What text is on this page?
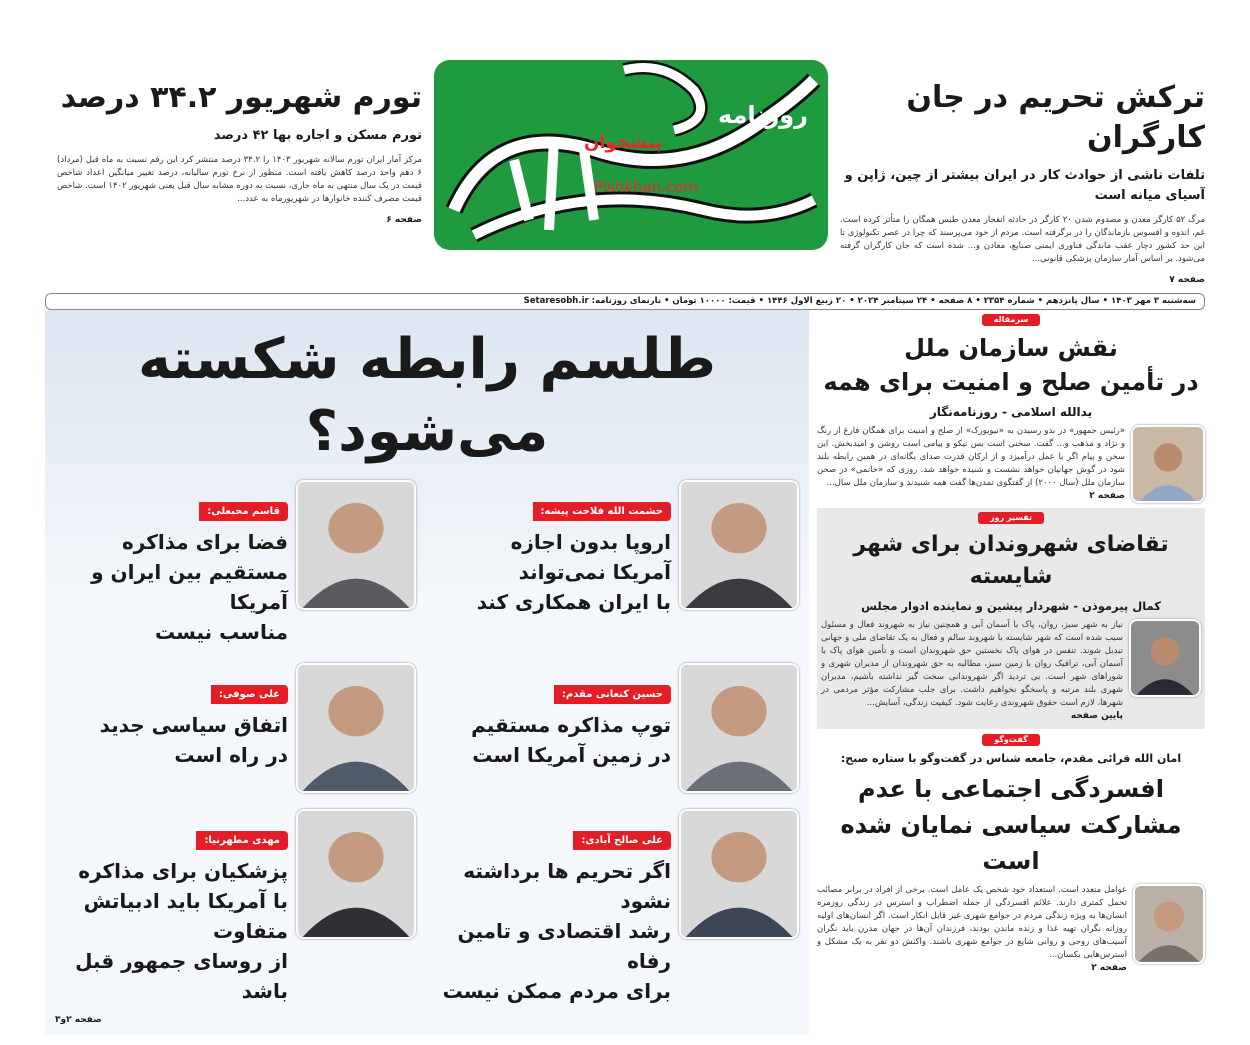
ترکش تحریم در جان کارگران
تلفات ناشی از حوادث کار در ایران بیشتر از چین، ژاپن و آسیای میانه است
مرگ ۵۲ کارگر معدن و مصدوم شدن ۲۰ کارگر در حادثه انفجار معدن طبس همگان را متأثر کرده است. غم، اندوه و افسوس بازماندگان را در برگرفته است. مردم از خود می‌پرسند که چرا در عصر تکنولوژی تا این حد کشور دچار عقب ماندگی فناوری ایمنی صنایع، معادن و... شده است که جان کارگران گرفته می‌شود. بر اساس آمار سازمان پزشکی قانونی...
صفحه ۷
روزنامه
پیشخوان
Pishkhan.com
تورم شهریور ۳۴.۲ درصد
تورم مسکن و اجاره بها ۴۲ درصد
مرکز آمار ایران تورم سالانه شهریور ۱۴۰۳ را ۳۴.۲ درصد منتشر کرد این رقم نسبت به ماه قبل (مرداد) ۶ دهم واحد درصد کاهش یافته است. منظور از نرخ تورم سالیانه، درصد تغییر میانگین اعداد شاخص قیمت در یک سال منتهی به ماه جاری، نسبت به دوره مشابه سال قبل یعنی شهریور ۱۴۰۲ است. شاخص قیمت مصرف کننده خانوارها در شهریورماه به عدد...
صفحه ۶
سه‌شنبه ۳ مهر ۱۴۰۳ • سال پانزدهم • شماره ۲۳۵۴ • ۸ صفحه • ۲۴ سپتامبر ۲۰۲۴ • ۲۰ ربیع الاول ۱۴۴۶ • قیمت: ۱۰۰۰۰ تومان • تارنمای روزنامه: Setaresobh.ir
سرمقاله
نقش سازمان ملل
در تأمین صلح و امنیت برای همه
یدالله اسلامی - روزنامه‌نگار
«رئیس جمهور» در بدو رسیدن به «نیویورک» از صلح و امنیت برای همگان فارغ از رنگ و نژاد و مذهب و... گفت. سخنی است بس نیکو و پیامی است روشن و امیدبخش. این سخن و پیام اگر با عمل درآمیزد و از ارکان قدرت صدای یگانه‌ای در همین رابطه بلند شود در گوش جهانیان خواهد نشست و شنیده خواهد شد. روزی که «خاتمی» در صحن سازمان ملل (سال ۲۰۰۰) از گفتگوی تمدن‌ها گفت همه شنیدند و سازمان ملل سال...
صفحه ۲
تفسیر روز
تقاضای شهروندان برای شهر شایسته
کمال پیرموذن - شهردار پیشین و نماینده ادوار مجلس
نیاز به شهر سبز، روان، پاک با آسمان آبی و همچنین نیاز به شهروند فعال و مسئول سبب شده است که شهر شایسته با شهروند سالم و فعال به یک تقاضای ملی و جهانی تبدیل شوند. تنفس در هوای پاک نخستین حق شهروندان است و تأمین هوای پاک با آسمان آبی، ترافیک روان با زمین سبز، مطالبه به حق شهروندان از مدیران شهری و شوراهای شهر است. بی تردید اگر شهروندانی سخت گیر نداشته باشیم، مدیران شهری بلند مرتبه و پاسخگو نخواهیم داشت. برای جلب مشارکت مؤثر مردمی در شهرها، لازم است حقوق شهروندی رعایت شود. کیفیت زندگی، آسایش...
پایین صفحه
گفت‌وگو
امان الله قرائی مقدم، جامعه شناس در گفت‌وگو با ستاره صبح:
افسردگی اجتماعی با عدم
مشارکت سیاسی نمایان شده است
عوامل متعدد است. استعداد خود شخص یک عامل است. برخی از افراد در برابر مصائب تحمل کمتری دارند. علائم افسردگی از جمله اضطراب و استرس در زندگی روزمره انسان‌ها به ویژه زندگی مردم در جوامع شهری غیر قابل انکار است. اگر انسان‌های اولیه روزانه نگران تهیه غذا و زنده ماندن بودند، فرزندان آن‌ها در جهان مدرن باید نگران آسیب‌های روحی و روانی شایع در جوامع شهری باشند. واکنش دو نفر به یک مشکل و استرس‌هایی یکسان...
صفحه ۲
طلسم رابطه شکسته می‌شود؟
حشمت الله فلاحت پیشه:
اروپا بدون اجازه
آمریکا نمی‌تواند
با ایران همکاری کند
قاسم محبعلی:
فضا برای مذاکره
مستقیم بین ایران و آمریکا
مناسب نیست
حسین کنعانی مقدم:
توپ مذاکره مستقیم
در زمین آمریکا است
علی صوفی:
اتفاق سیاسی جدید
در راه است
علی صالح آبادی:
اگر تحریم ها برداشته نشود
رشد اقتصادی و تامین رفاه
برای مردم ممکن نیست
مهدی مطهرنیا:
پزشکیان برای مذاکره
با آمریکا باید ادبیاتش متفاوت
از روسای جمهور قبل باشد
صفحه ۲و۳
